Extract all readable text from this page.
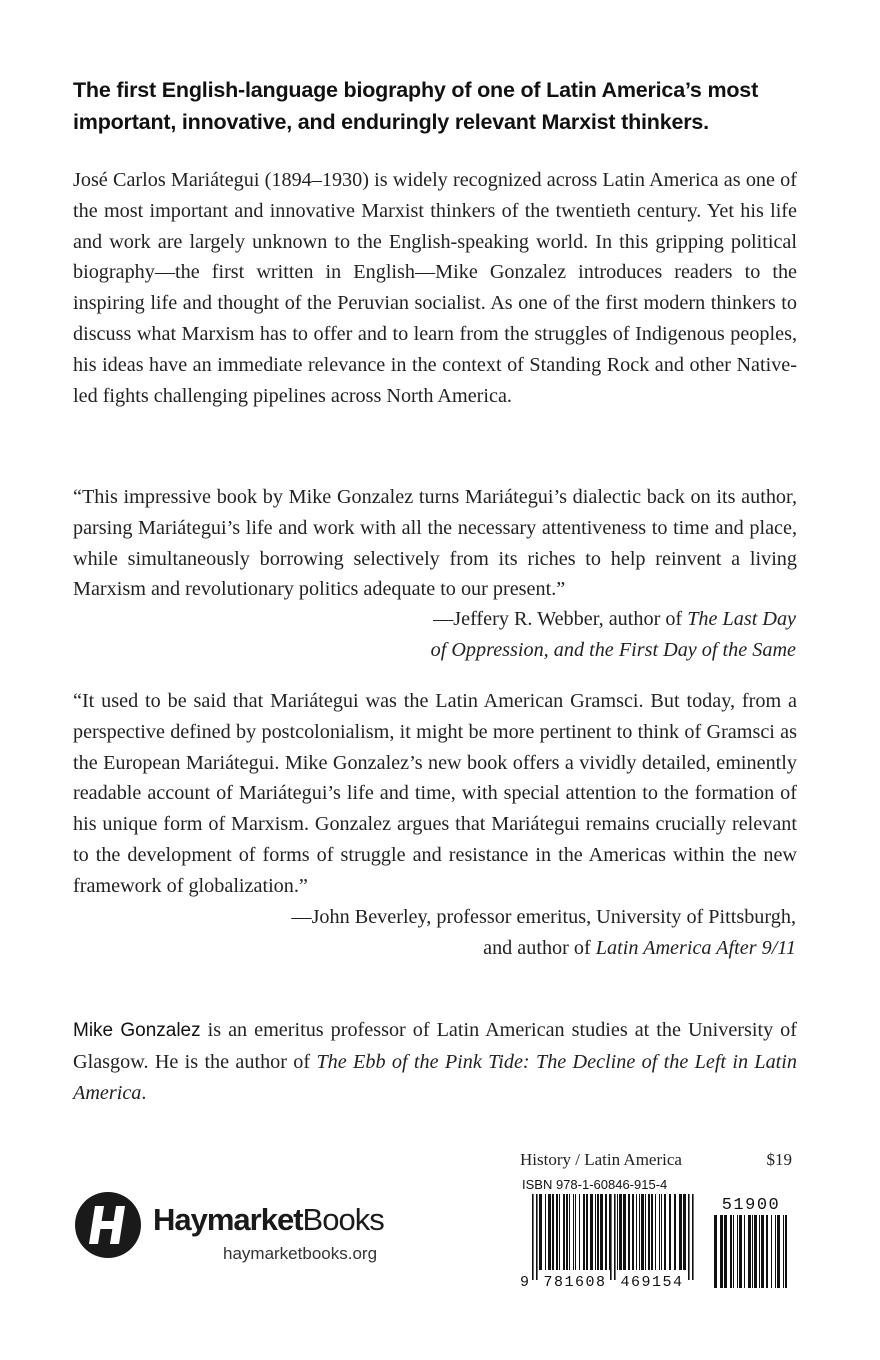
The first English-language biography of one of Latin America’s most important, innovative, and enduringly relevant Marxist thinkers.
José Carlos Mariátegui (1894–1930) is widely recognized across Latin America as one of the most important and innovative Marxist thinkers of the twentieth century. Yet his life and work are largely unknown to the English-speaking world. In this gripping political biography—the first written in English—Mike Gonzalez introduces readers to the inspiring life and thought of the Peruvian socialist. As one of the first modern thinkers to discuss what Marxism has to offer and to learn from the struggles of Indigenous peoples, his ideas have an immediate relevance in the context of Standing Rock and other Native-led fights challenging pipelines across North America.
“This impressive book by Mike Gonzalez turns Mariátegui’s dialectic back on its author, parsing Mariátegui’s life and work with all the necessary attentiveness to time and place, while simultaneously borrowing selectively from its riches to help reinvent a living Marxism and revolutionary politics adequate to our present.”
—Jeffery R. Webber, author of The Last Day
of Oppression, and the First Day of the Same
“It used to be said that Mariátegui was the Latin American Gramsci. But today, from a perspective defined by postcolonialism, it might be more pertinent to think of Gramsci as the European Mariátegui. Mike Gonzalez’s new book offers a vividly detailed, eminently readable account of Mariátegui’s life and time, with special attention to the formation of his unique form of Marxism. Gonzalez argues that Mariátegui remains crucially relevant to the development of forms of struggle and resistance in the Americas within the new framework of globalization.”
—John Beverley, professor emeritus, University of Pittsburgh,
and author of Latin America After 9/11
Mike Gonzalez is an emeritus professor of Latin American studies at the University of Glasgow. He is the author of The Ebb of the Pink Tide: The Decline of the Left in Latin America.
HaymarketBooks
haymarketbooks.org
History / Latin America	$19
ISBN 978-1-60846-915-4
9 781608 469154
51900
